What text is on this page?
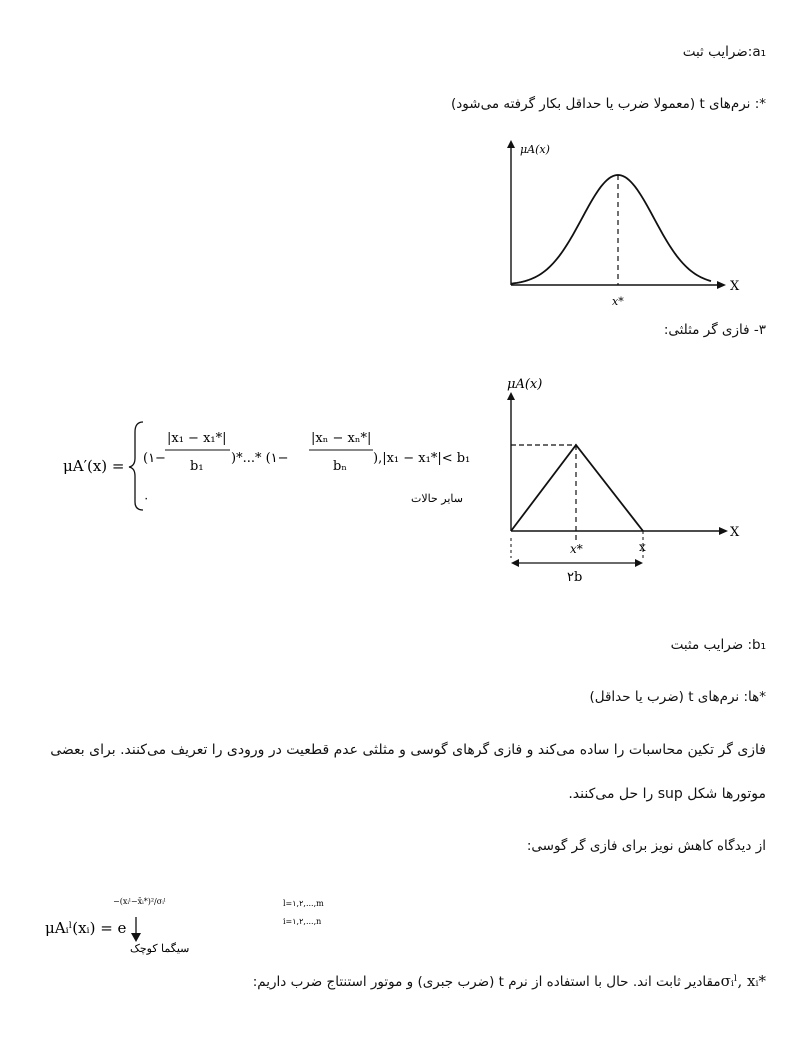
a‎₁‏:ضرایب ثبت
*: نرم‌های t (معمولا ضرب یا حداقل بکار گرفته می‌شود)
μA(x)
X
x*
۳- فازی گر مثلثی:
μA′(x) = (۱−
|x₁ − x₁*|
b₁
)*...* (۱−
|xₙ − xₙ*|
bₙ
),|x₁ − x₁*|< b₁
۰	سایر حالات
μA(x)
X
x*	x
۲b
b‎₁‏: ضرایب مثبت
*ها: نرم‌های t (ضرب یا حداقل)
فازی گر تکین محاسبات را ساده می‌کند و فازی گرهای گوسی و مثلثی عدم قطعیت در ورودی را تعریف می‌کنند. برای بعضی
موتورها شکل sup را حل می‌کنند.
از دیدگاه کاهش نویز برای فازی گر گوسی:
μAᵢˡ(xᵢ) = e
−(xᵢˡ−x̄ᵢ*)²/σᵢˡ
سیگما کوچک
l=۱,۲,...,m
i=۱,۲,...,n
σᵢˡ, xᵢ*مقادیر ثابت اند. حال با استفاده از نرم t (ضرب جبری) و موتور استنتاج ضرب داریم:
